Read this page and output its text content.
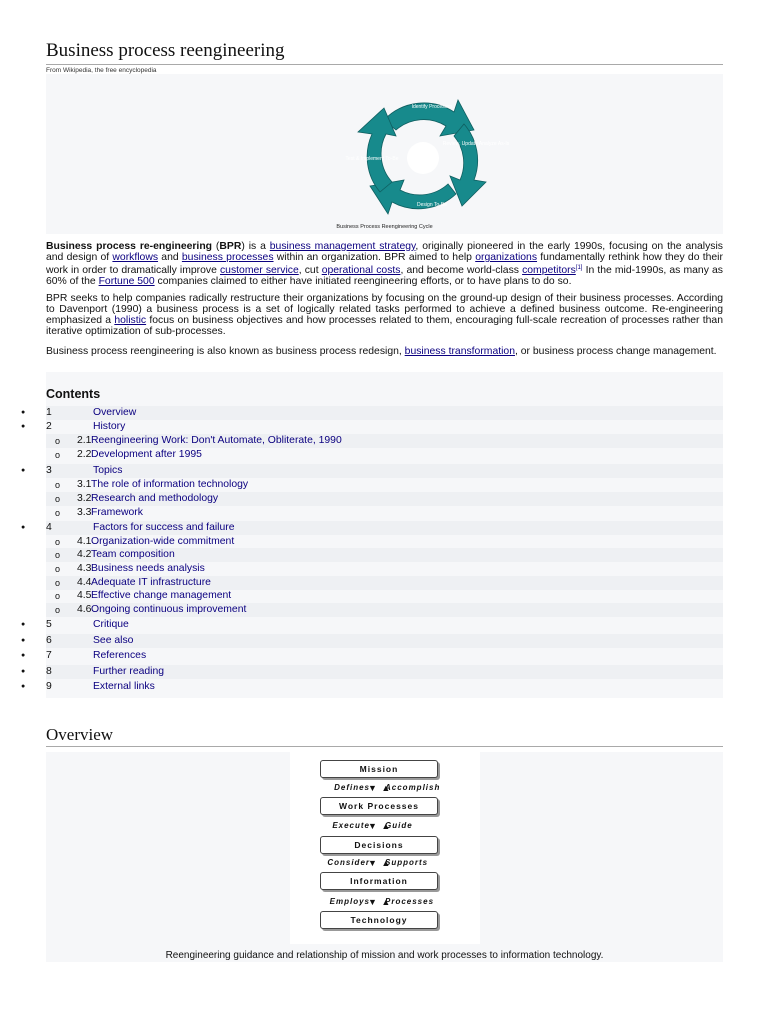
Business process reengineering
From Wikipedia, the free encyclopedia
Identify Processes
Review, Update Analyze As-Is
Design To-Be
Test & Implement To-Be
Business Process Reengineering Cycle

Business process re-engineering (BPR) is a business management strategy, originally pioneered in the early 1990s, focusing on the analysis and design of workflows and business processes within an organization. BPR aimed to help organizations fundamentally rethink how they do their work in order to dramatically improve customer service, cut operational costs, and become world-class competitors[1] In the mid-1990s, as many as 60% of the Fortune 500 companies claimed to either have initiated reengineering efforts, or to have plans to do so.

BPR seeks to help companies radically restructure their organizations by focusing on the ground-up design of their business processes. According to Davenport (1990) a business process is a set of logically related tasks performed to achieve a defined business outcome. Re-engineering emphasized a holistic focus on business objectives and how processes related to them, encouraging full-scale recreation of processes rather than iterative optimization of sub-processes.

Business process reengineering is also known as business process redesign, business transformation, or business process change management.

Contents
● 1	Overview
● 2	History
o 2.1 Reengineering Work: Don't Automate, Obliterate, 1990
o 2.2 Development after 1995
● 3	Topics
o 3.1 The role of information technology
o 3.2 Research and methodology
o 3.3 Framework
● 4	Factors for success and failure
o 4.1 Organization-wide commitment
o 4.2 Team composition
o 4.3 Business needs analysis
o 4.4 Adequate IT infrastructure
o 4.5 Effective change management
o 4.6 Ongoing continuous improvement
● 5	Critique
● 6	See also
● 7	References
● 8	Further reading
● 9	External links
Overview
Mission
Work Processes
Decisions
Information
Technology
Defines
▼ ▲
Accomplish
Execute
▼ ▲
Guide
Consider
▼ ▲
Supports
Employs
▼ ▲
Processes
Reengineering guidance and relationship of mission and work processes to information technology.
